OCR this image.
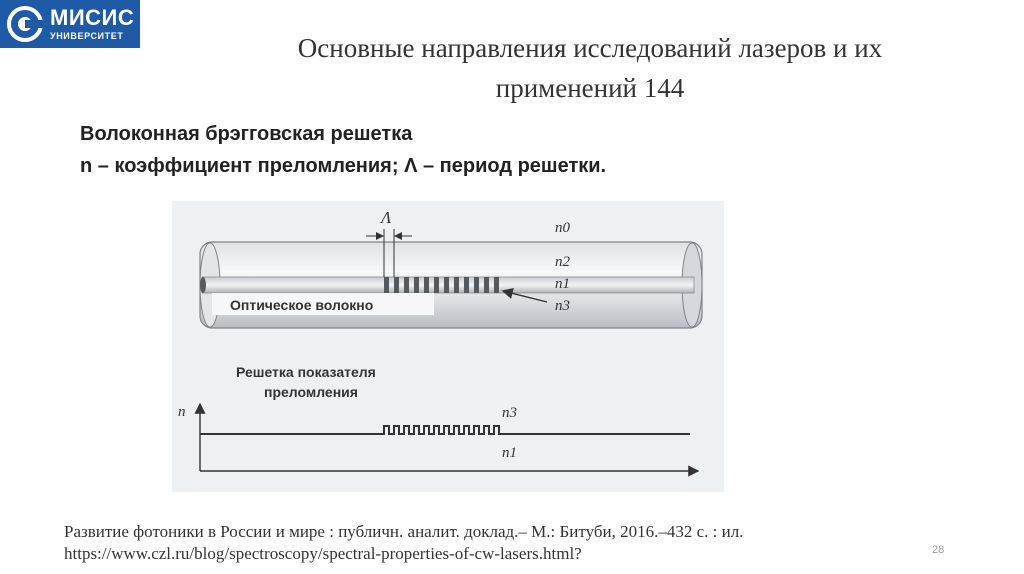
МИСИС
УНИВЕРСИТЕТ	Основные направления исследований лазеров и их
применений 144
Волоконная брэгговская решетка
n – коэффициент преломления; Λ – период решетки.
Λ
Оптическое волокно
n0
n2
n1
n3
Решетка показателя
преломления
n	n3
n1
Развитие фотоники в России и мире : публичн. аналит. доклад.– М.: Битуби, 2016.–432 с. : ил.
https://www.czl.ru/blog/spectroscopy/spectral-properties-of-cw-lasers.html?	28
